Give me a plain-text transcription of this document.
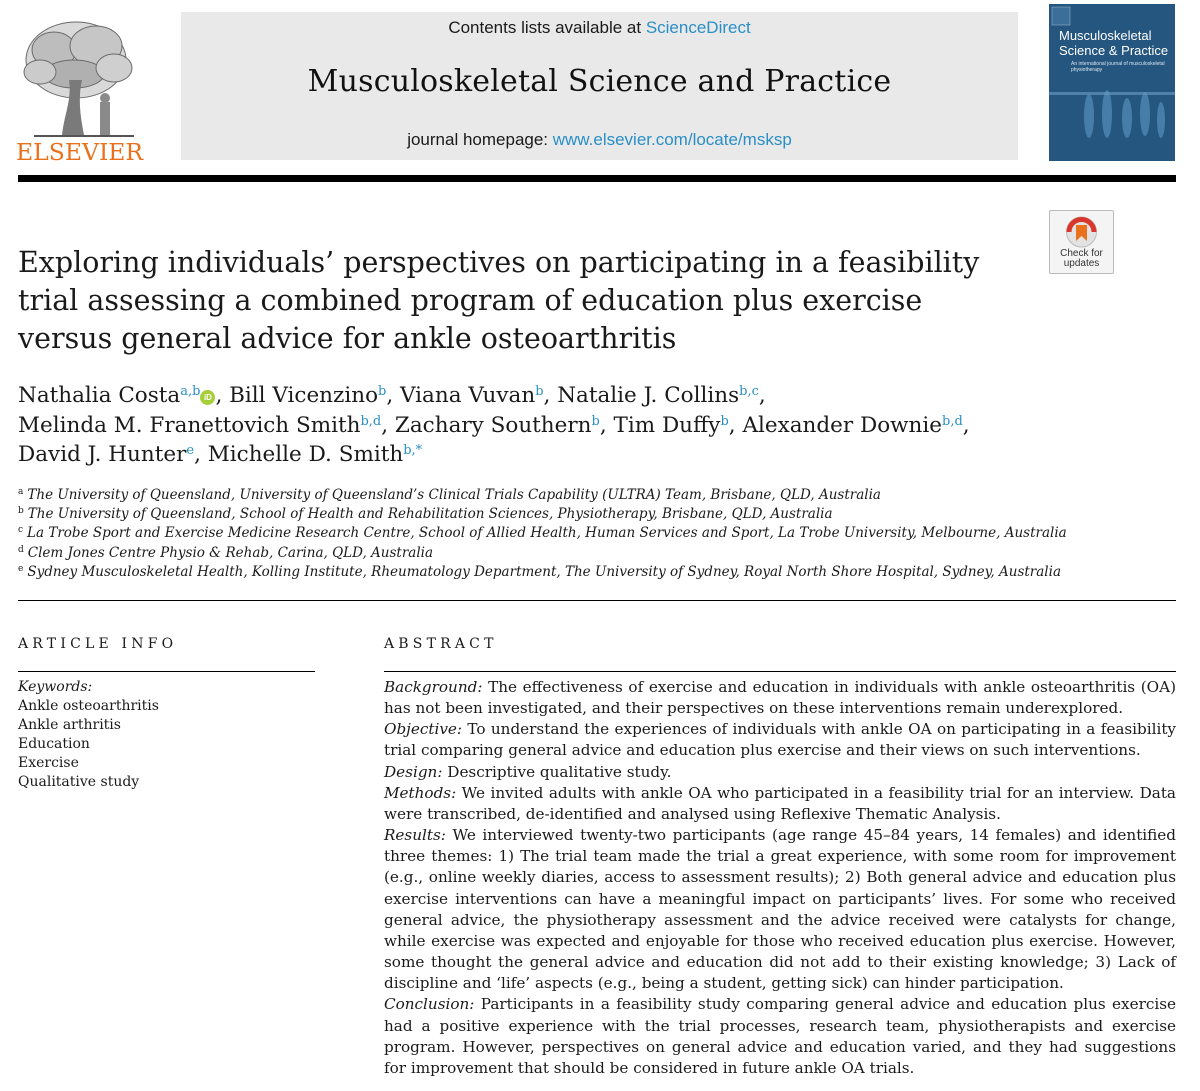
ELSEVIER
Contents lists available at ScienceDirect
Musculoskeletal Science and Practice
journal homepage: www.elsevier.com/locate/msksp
Musculoskeletal Science & Practice
An international journal of musculoskeletal physiotherapy
Check for updates
Exploring individuals’ perspectives on participating in a feasibility trial assessing a combined program of education plus exercise versus general advice for ankle osteoarthritis
Nathalia Costa$^{a,b}$ iD , Bill Vicenzino$^b$, Viana Vuvan$^b$, Natalie J. Collins$^{b,c}$,
Melinda M. Franettovich Smith$^{b,d}$, Zachary Southern$^b$, Tim Duffy$^b$, Alexander Downie$^{b,d}$,
David J. Hunter$^e$, Michelle D. Smith$^{b,*}$
$^a$ The University of Queensland, University of Queensland’s Clinical Trials Capability (ULTRA) Team, Brisbane, QLD, Australia
$^b$ The University of Queensland, School of Health and Rehabilitation Sciences, Physiotherapy, Brisbane, QLD, Australia
$^c$ La Trobe Sport and Exercise Medicine Research Centre, School of Allied Health, Human Services and Sport, La Trobe University, Melbourne, Australia
$^d$ Clem Jones Centre Physio & Rehab, Carina, QLD, Australia
$^e$ Sydney Musculoskeletal Health, Kolling Institute, Rheumatology Department, The University of Sydney, Royal North Shore Hospital, Sydney, Australia
ARTICLE INFO
Keywords:
Ankle osteoarthritis
Ankle arthritis
Education
Exercise
Qualitative study
ABSTRACT

Background: The effectiveness of exercise and education in individuals with ankle osteoarthritis (OA) has not been investigated, and their perspectives on these interventions remain underexplored.

Objective: To understand the experiences of individuals with ankle OA on participating in a feasibility trial comparing general advice and education plus exercise and their views on such interventions.

Design: Descriptive qualitative study.

Methods: We invited adults with ankle OA who participated in a feasibility trial for an interview. Data were transcribed, de-identified and analysed using Reflexive Thematic Analysis.

Results: We interviewed twenty-two participants (age range 45–84 years, 14 females) and identified three themes: 1) The trial team made the trial a great experience, with some room for improvement (e.g., online weekly diaries, access to assessment results); 2) Both general advice and education plus exercise interventions can have a meaningful impact on participants’ lives. For some who received general advice, the physiotherapy assessment and the advice received were catalysts for change, while exercise was expected and enjoyable for those who received education plus exercise. However, some thought the general advice and education did not add to their existing knowledge; 3) Lack of discipline and ‘life’ aspects (e.g., being a student, getting sick) can hinder participation.

Conclusion: Participants in a feasibility study comparing general advice and education plus exercise had a positive experience with the trial processes, research team, physiotherapists and exercise program. However, perspectives on general advice and education varied, and they had suggestions for improvement that should be considered in future ankle OA trials.
